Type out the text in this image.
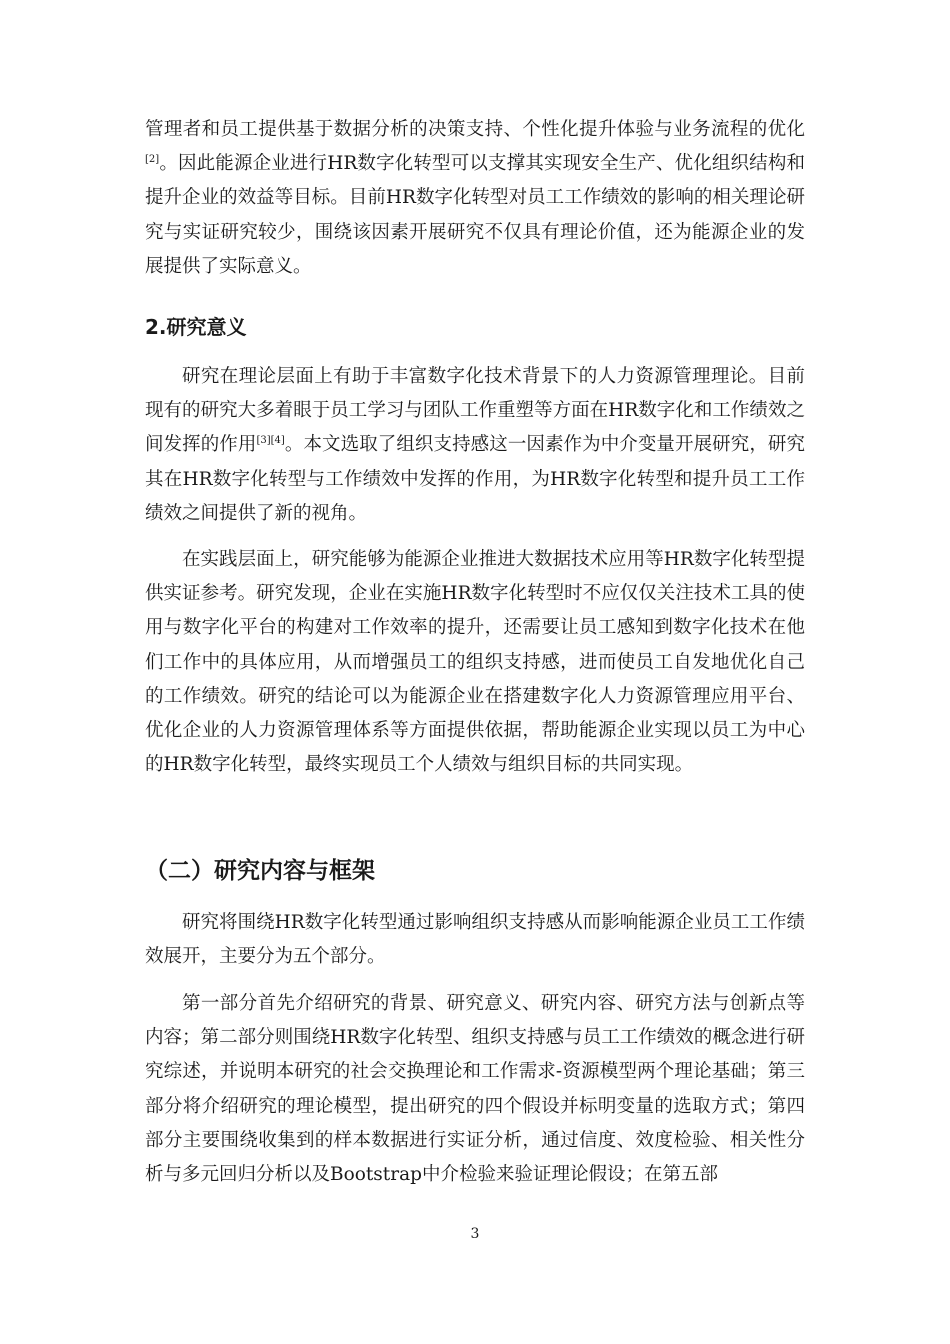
管理者和员工提供基于数据分析的决策支持、个性化提升体验与业务流程的优化[2]。因此能源企业进行HR数字化转型可以支撑其实现安全生产、优化组织结构和提升企业的效益等目标。目前HR数字化转型对员工工作绩效的影响的相关理论研究与实证研究较少，围绕该因素开展研究不仅具有理论价值，还为能源企业的发展提供了实际意义。

2.研究意义

研究在理论层面上有助于丰富数字化技术背景下的人力资源管理理论。目前现有的研究大多着眼于员工学习与团队工作重塑等方面在HR数字化和工作绩效之间发挥的作用[3][4]。本文选取了组织支持感这一因素作为中介变量开展研究，研究其在HR数字化转型与工作绩效中发挥的作用，为HR数字化转型和提升员工工作绩效之间提供了新的视角。

在实践层面上，研究能够为能源企业推进大数据技术应用等HR数字化转型提供实证参考。研究发现，企业在实施HR数字化转型时不应仅仅关注技术工具的使用与数字化平台的构建对工作效率的提升，还需要让员工感知到数字化技术在他们工作中的具体应用，从而增强员工的组织支持感，进而使员工自发地优化自己的工作绩效。研究的结论可以为能源企业在搭建数字化人力资源管理应用平台、优化企业的人力资源管理体系等方面提供依据，帮助能源企业实现以员工为中心的HR数字化转型，最终实现员工个人绩效与组织目标的共同实现。

（二）研究内容与框架

研究将围绕HR数字化转型通过影响组织支持感从而影响能源企业员工工作绩效展开，主要分为五个部分。

第一部分首先介绍研究的背景、研究意义、研究内容、研究方法与创新点等内容；第二部分则围绕HR数字化转型、组织支持感与员工工作绩效的概念进行研究综述，并说明本研究的社会交换理论和工作需求-资源模型两个理论基础；第三部分将介绍研究的理论模型，提出研究的四个假设并标明变量的选取方式；第四部分主要围绕收集到的样本数据进行实证分析，通过信度、效度检验、相关性分析与多元回归分析以及Bootstrap中介检验来验证理论假设；在第五部

3
